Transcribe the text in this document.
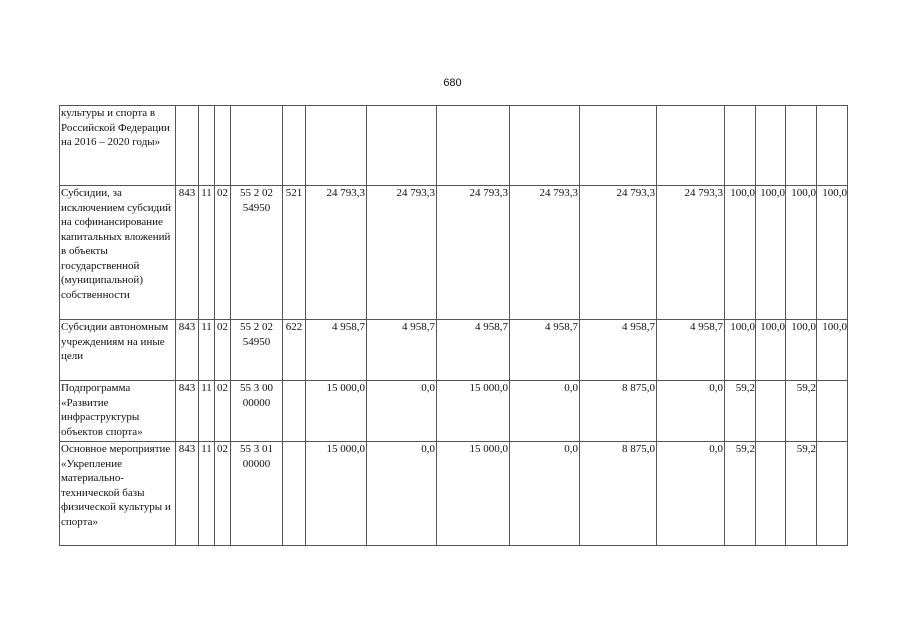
680
культуры и спорта в Российской Федерации на 2016 – 2020 годы»															
Субсидии, за исключением субсидий на софинансирование капитальных вложений в объекты государственной (муниципальной) собственности	843	11	02	55 2 02 54950	521	24 793,3	24 793,3	24 793,3	24 793,3	24 793,3	24 793,3	100,0	100,0	100,0	100,0
Субсидии автономным учреждениям на иные цели	843	11	02	55 2 02 54950	622	4 958,7	4 958,7	4 958,7	4 958,7	4 958,7	4 958,7	100,0	100,0	100,0	100,0
Подпрограмма «Развитие инфраструктуры объектов спорта»	843	11	02	55 3 00 00000		15 000,0	0,0	15 000,0	0,0	8 875,0	0,0	59,2		59,2	
Основное мероприятие «Укрепление материально-технической базы физической культуры и спорта»	843	11	02	55 3 01 00000		15 000,0	0,0	15 000,0	0,0	8 875,0	0,0	59,2		59,2	
